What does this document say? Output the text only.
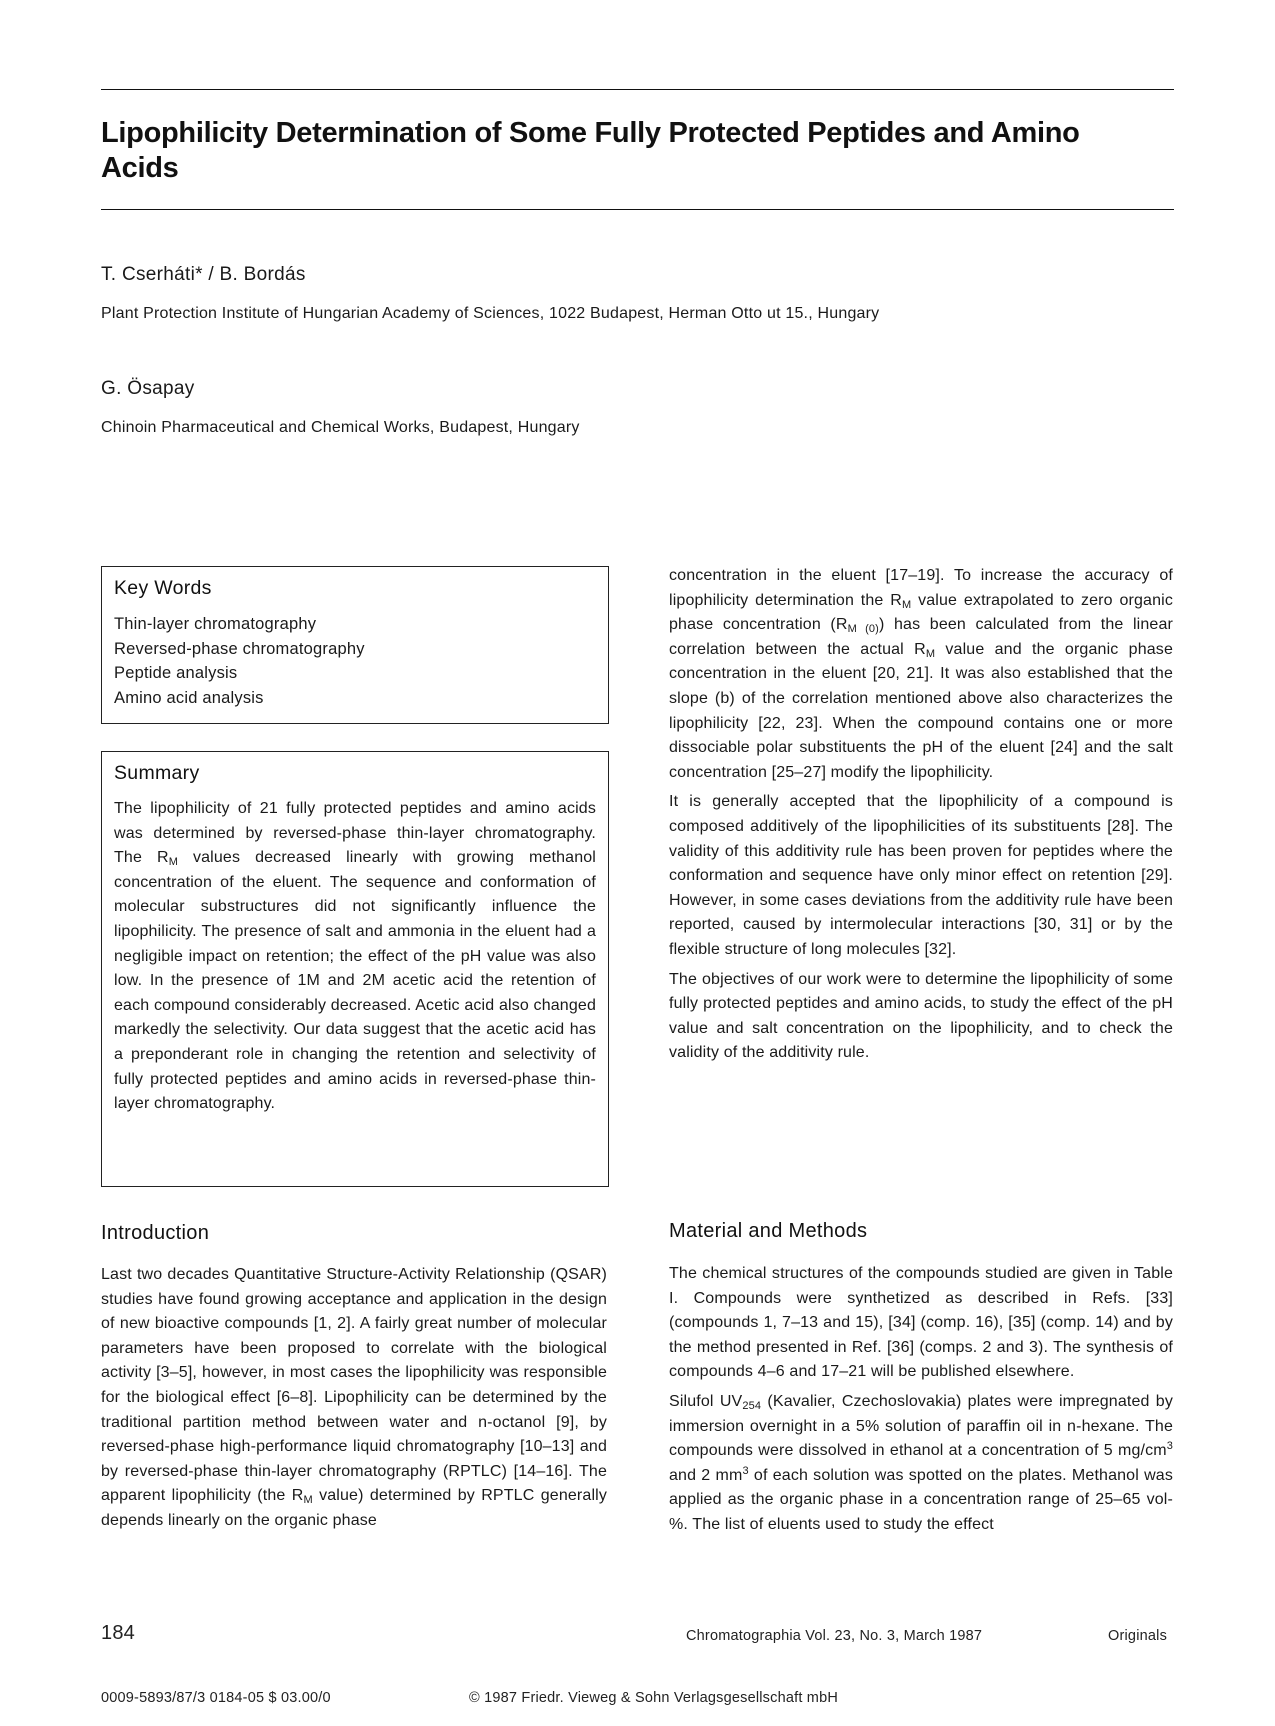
Lipophilicity Determination of Some Fully Protected Peptides and Amino Acids
T. Cserháti* / B. Bordás
Plant Protection Institute of Hungarian Academy of Sciences, 1022 Budapest, Herman Otto ut 15., Hungary
G. Ösapay
Chinoin Pharmaceutical and Chemical Works, Budapest, Hungary
Key Words
Thin-layer chromatography
Reversed-phase chromatography
Peptide analysis
Amino acid analysis
Summary
The lipophilicity of 21 fully protected peptides and amino acids was determined by reversed-phase thin-layer chromatography. The $R_M$ values decreased linearly with growing methanol concentration of the eluent. The sequence and conformation of molecular substructures did not significantly influence the lipophilicity. The presence of salt and ammonia in the eluent had a negligible impact on retention; the effect of the pH value was also low. In the presence of 1M and 2M acetic acid the retention of each compound considerably decreased. Acetic acid also changed markedly the selectivity. Our data suggest that the acetic acid has a preponderant role in changing the retention and selectivity of fully protected peptides and amino acids in reversed-phase thin-layer chromatography.
Introduction

Last two decades Quantitative Structure-Activity Relationship (QSAR) studies have found growing acceptance and application in the design of new bioactive compounds [1, 2]. A fairly great number of molecular parameters have been proposed to correlate with the biological activity [3–5], however, in most cases the lipophilicity was responsible for the biological effect [6–8]. Lipophilicity can be determined by the traditional partition method between water and n-octanol [9], by reversed-phase high-performance liquid chromatography [10–13] and by reversed-phase thin-layer chromatography (RPTLC) [14–16]. The apparent lipophilicity (the $R_M$ value) determined by RPTLC generally depends linearly on the organic phase

concentration in the eluent [17–19]. To increase the accuracy of lipophilicity determination the $R_M$ value extrapolated to zero organic phase concentration $(R_{M (0)})$ has been calculated from the linear correlation between the actual $R_M$ value and the organic phase concentration in the eluent [20, 21]. It was also established that the slope (b) of the correlation mentioned above also characterizes the lipophilicity [22, 23]. When the compound contains one or more dissociable polar substituents the pH of the eluent [24] and the salt concentration [25–27] modify the lipophilicity.

It is generally accepted that the lipophilicity of a compound is composed additively of the lipophilicities of its substituents [28]. The validity of this additivity rule has been proven for peptides where the conformation and sequence have only minor effect on retention [29]. However, in some cases deviations from the additivity rule have been reported, caused by intermolecular interactions [30, 31] or by the flexible structure of long molecules [32].

The objectives of our work were to determine the lipophilicity of some fully protected peptides and amino acids, to study the effect of the pH value and salt concentration on the lipophilicity, and to check the validity of the additivity rule.

Material and Methods

The chemical structures of the compounds studied are given in Table I. Compounds were synthetized as described in Refs. [33] (compounds 1, 7–13 and 15), [34] (comp. 16), [35] (comp. 14) and by the method presented in Ref. [36] (comps. 2 and 3). The synthesis of compounds 4–6 and 17–21 will be published elsewhere.

Silufol $UV_{254}$ (Kavalier, Czechoslovakia) plates were impregnated by immersion overnight in a 5% solution of paraffin oil in n-hexane. The compounds were dissolved in ethanol at a concentration of 5 $mg/cm^3$ and 2 $mm^3$ of each solution was spotted on the plates. Methanol was applied as the organic phase in a concentration range of 25–65 vol-%. The list of eluents used to study the effect

184	Chromatographia Vol. 23, No. 3, March 1987	Originals
0009-5893/87/3 0184-05 $ 03.00/0	© 1987 Friedr. Vieweg & Sohn Verlagsgesellschaft mbH
